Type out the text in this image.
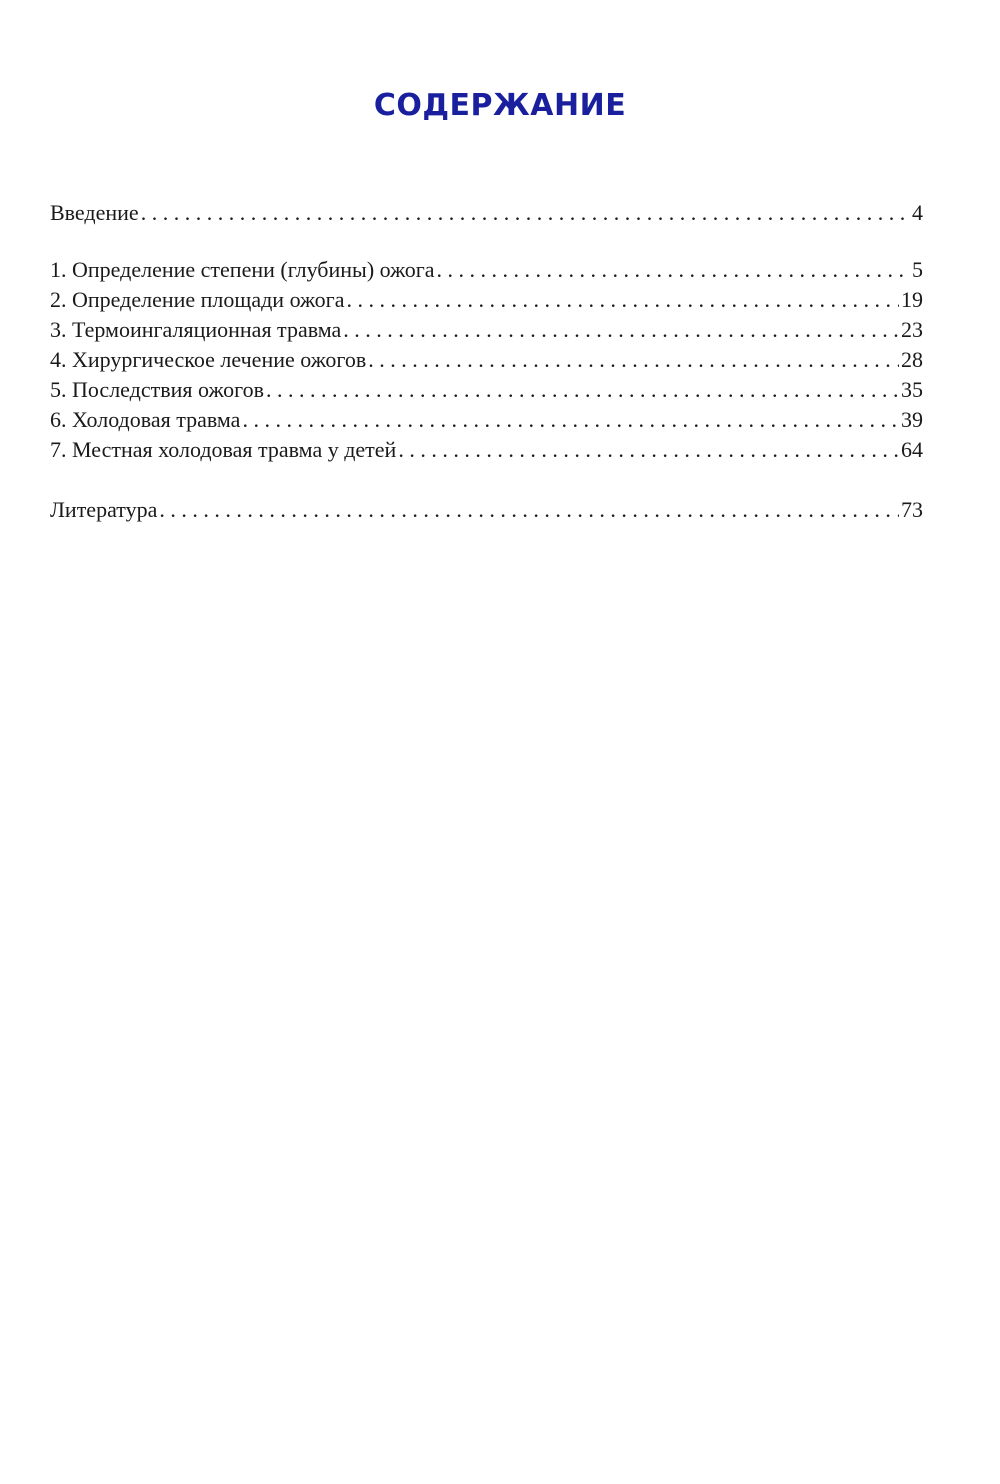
СОДЕРЖАНИЕ
Введение . . .	4
1. Определение степени (глубины) ожога . . .	5
2. Определение площади ожога . . .	19
3. Термоингаляционная травма . . .	23
4. Хирургическое лечение ожогов . . .	28
5. Последствия ожогов . . .	35
6. Холодовая травма . . .	39
7. Местная холодовая травма у детей . . .	64
Литература . . .	73
